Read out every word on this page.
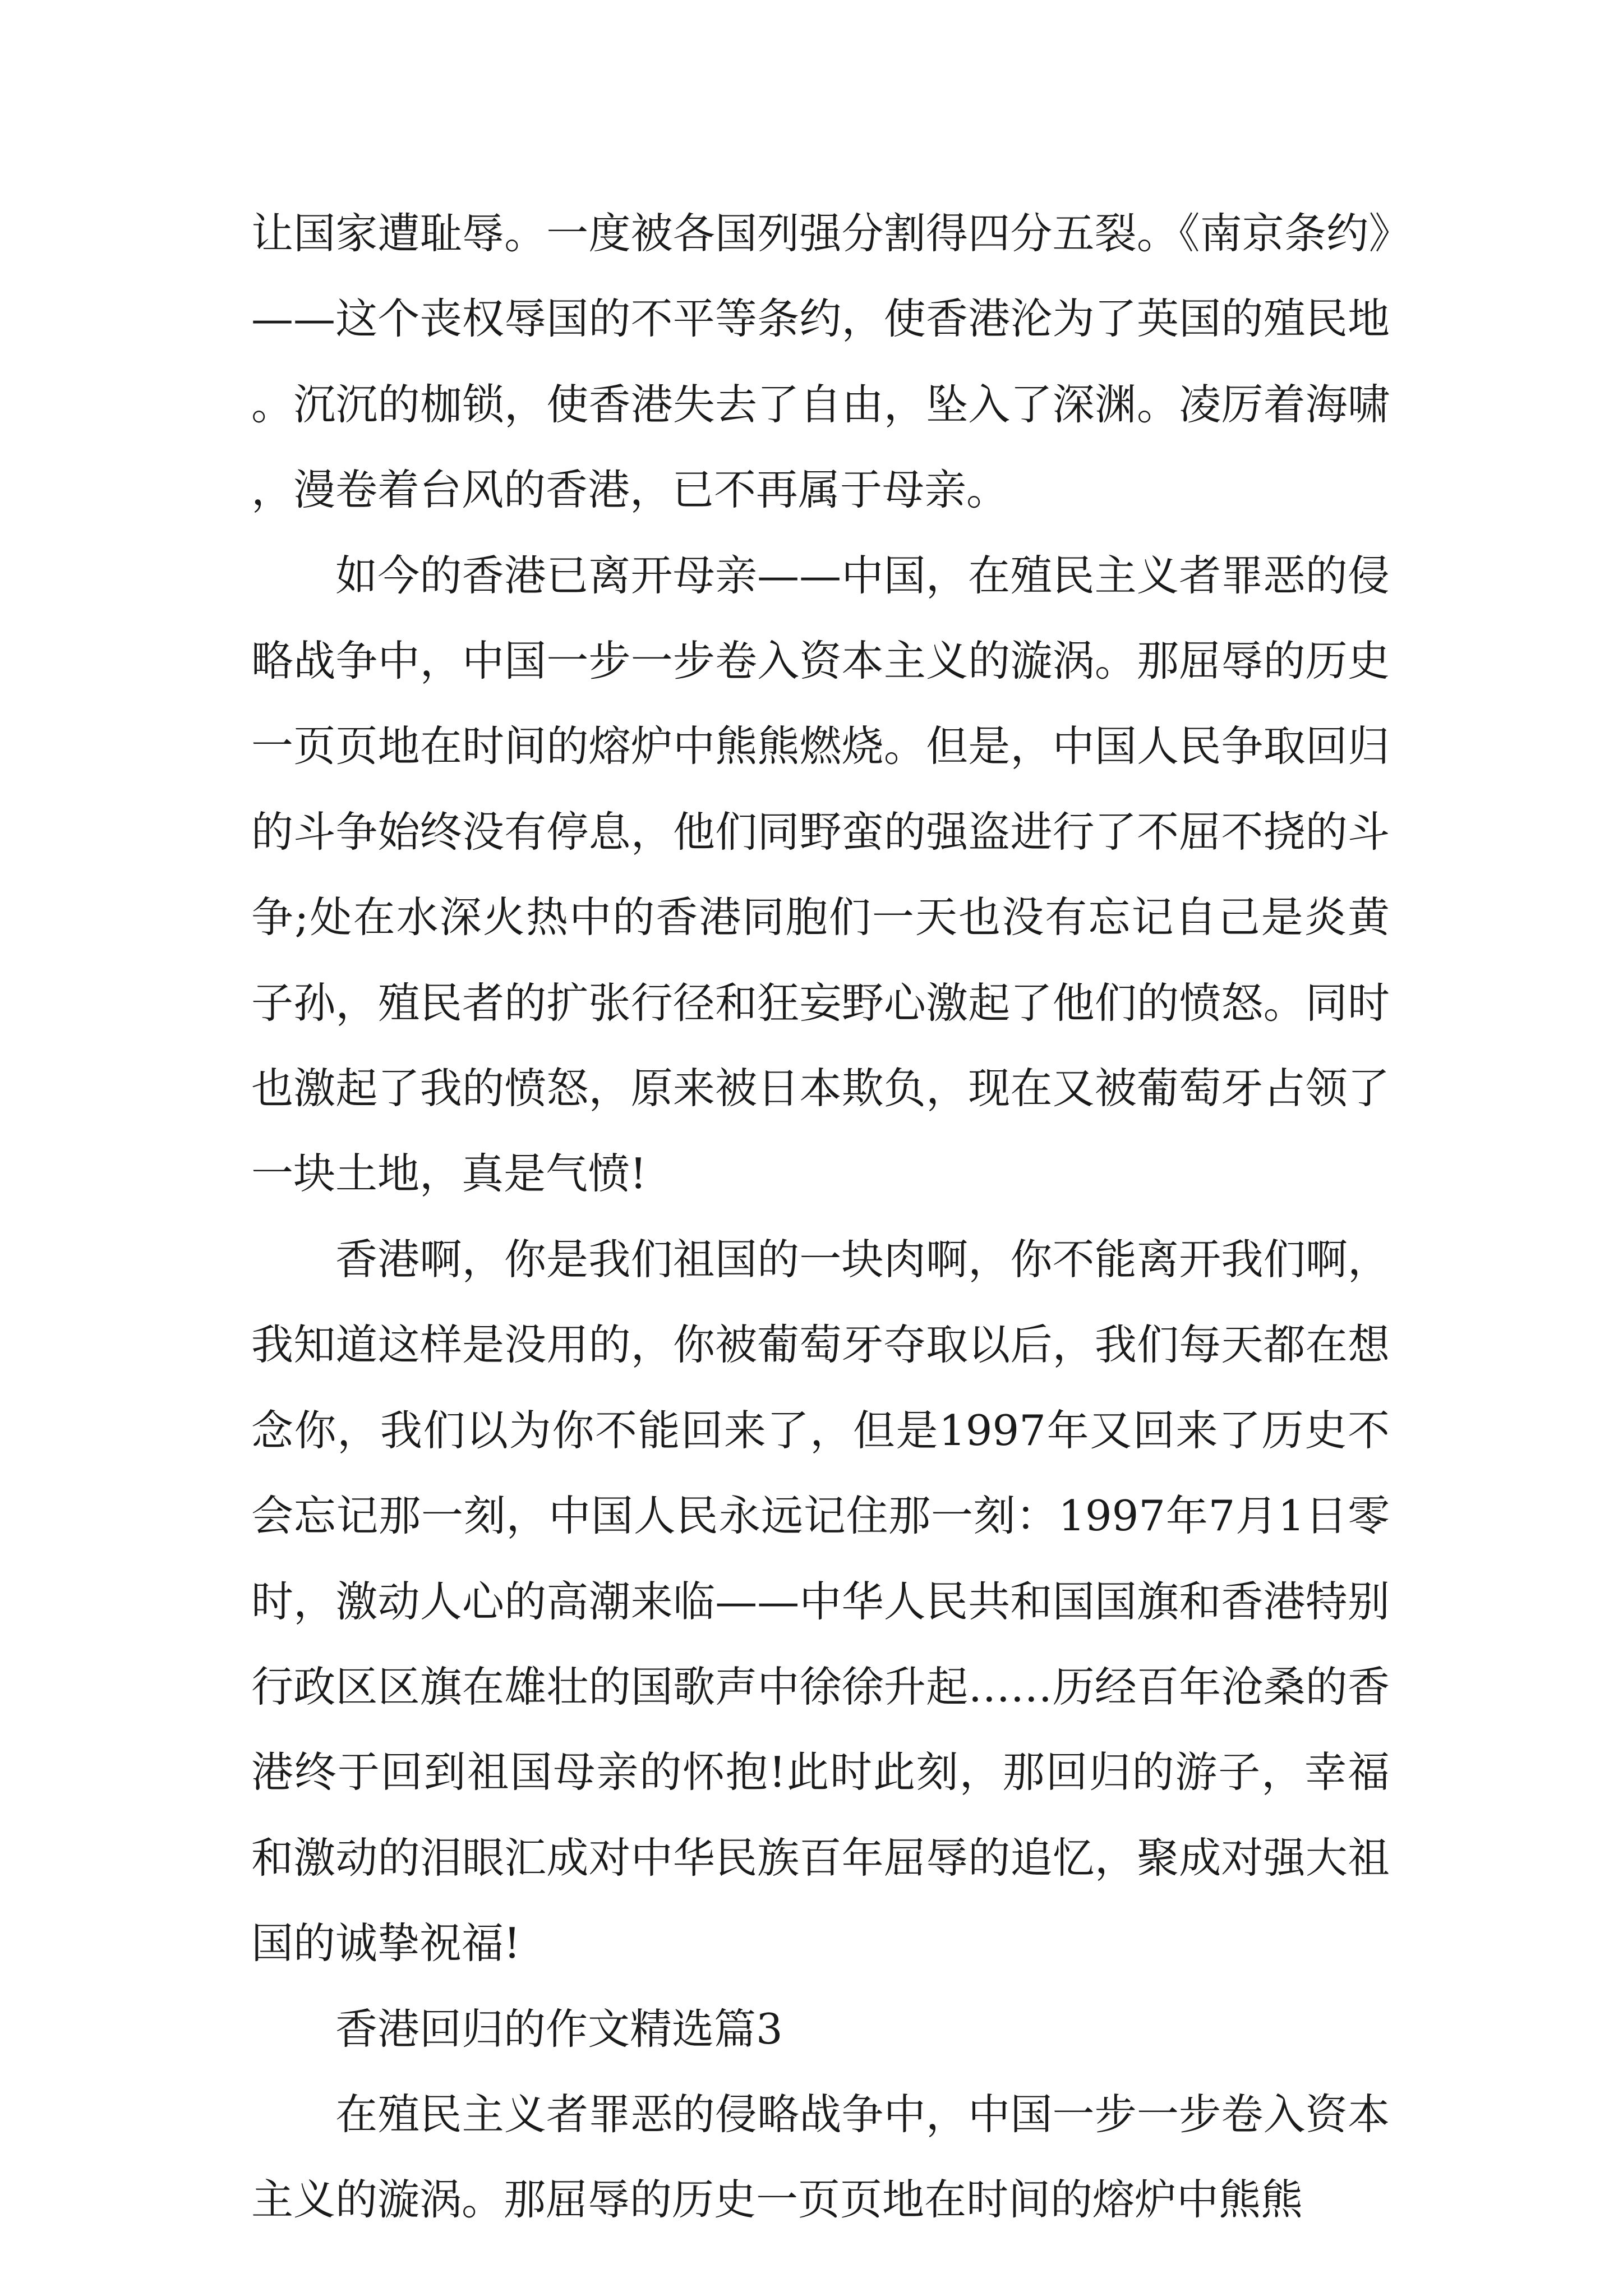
让国家遭耻辱。一度被各国列强分割得四分五裂。《南京条约》——这个丧权辱国的不平等条约，使香港沦为了英国的殖民地。沉沉的枷锁，使香港失去了自由，坠入了深渊。凌厉着海啸，漫卷着台风的香港，已不再属于母亲。

如今的香港已离开母亲——中国，在殖民主义者罪恶的侵略战争中，中国一步一步卷入资本主义的漩涡。那屈辱的历史一页页地在时间的熔炉中熊熊燃烧。但是，中国人民争取回归的斗争始终没有停息，他们同野蛮的强盗进行了不屈不挠的斗争;处在水深火热中的香港同胞们一天也没有忘记自己是炎黄子孙，殖民者的扩张行径和狂妄野心激起了他们的愤怒。同时也激起了我的愤怒，原来被日本欺负，现在又被葡萄牙占领了一块土地，真是气愤!

香港啊，你是我们祖国的一块肉啊，你不能离开我们啊，我知道这样是没用的，你被葡萄牙夺取以后，我们每天都在想念你，我们以为你不能回来了，但是1997年又回来了历史不会忘记那一刻，中国人民永远记住那一刻：1997年7月1日零时，激动人心的高潮来临——中华人民共和国国旗和香港特别行政区区旗在雄壮的国歌声中徐徐升起……历经百年沧桑的香港终于回到祖国母亲的怀抱!此时此刻，那回归的游子，幸福和激动的泪眼汇成对中华民族百年屈辱的追忆，聚成对强大祖国的诚挚祝福!

香港回归的作文精选篇3

在殖民主义者罪恶的侵略战争中，中国一步一步卷入资本主义的漩涡。那屈辱的历史一页页地在时间的熔炉中熊熊
